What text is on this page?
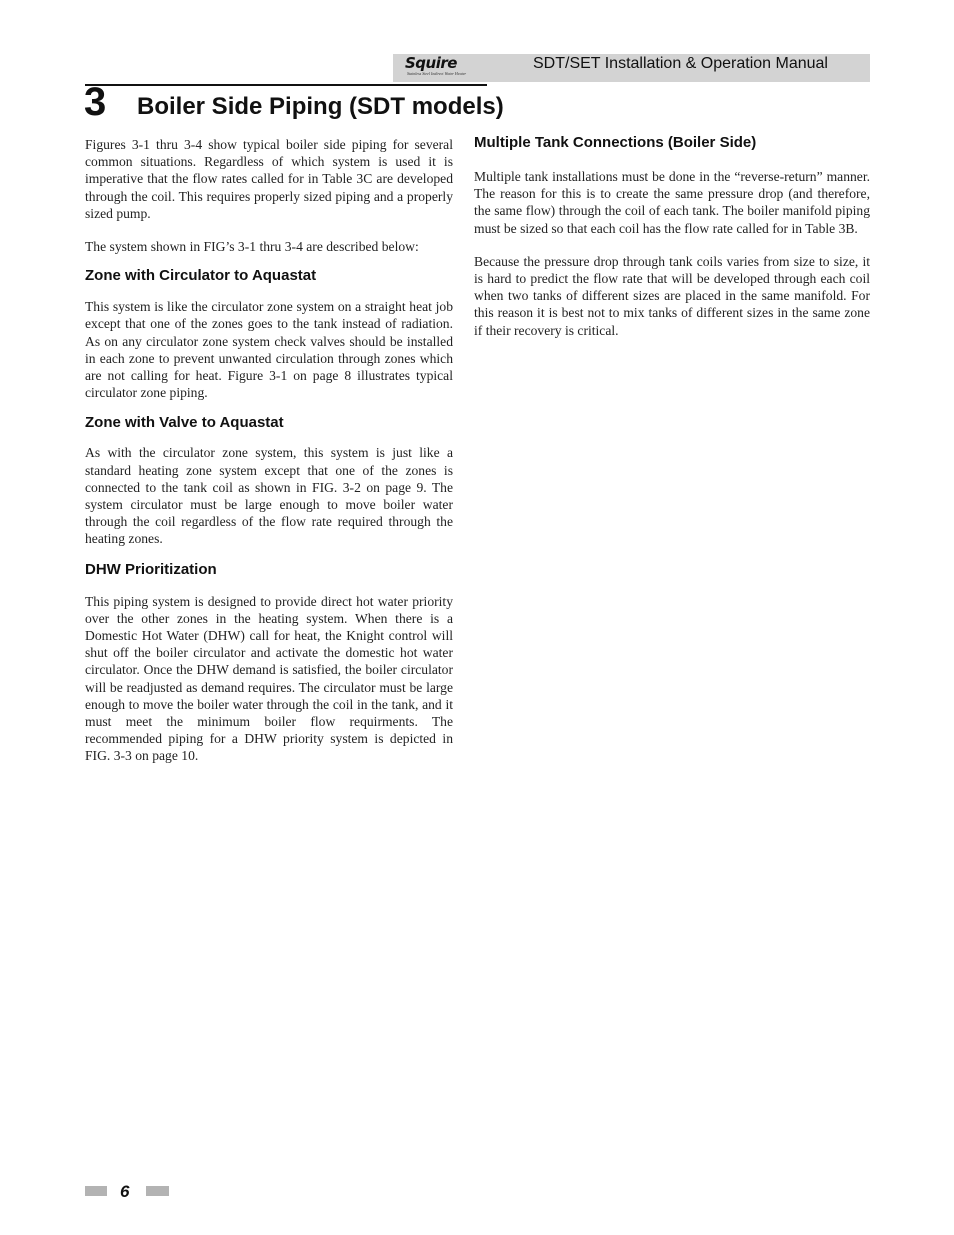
Squire
Stainless Steel Indirect Water Heater
SDT/SET Installation & Operation Manual
3 Boiler Side Piping (SDT models)

Figures 3-1 thru 3-4 show typical boiler side piping for several common situations. Regardless of which system is used it is imperative that the flow rates called for in Table 3C are developed through the coil. This requires properly sized piping and a properly sized pump.

The system shown in FIG’s 3-1 thru 3-4 are described below:

Zone with Circulator to Aquastat

This system is like the circulator zone system on a straight heat job except that one of the zones goes to the tank instead of radiation. As on any circulator zone system check valves should be installed in each zone to prevent unwanted circulation through zones which are not calling for heat. Figure 3-1 on page 8 illustrates typical circulator zone piping.

Zone with Valve to Aquastat

As with the circulator zone system, this system is just like a standard heating zone system except that one of the zones is connected to the tank coil as shown in FIG. 3-2 on page 9. The system circulator must be large enough to move boiler water through the coil regardless of the flow rate required through the heating zones.

DHW Prioritization

This piping system is designed to provide direct hot water priority over the other zones in the heating system. When there is a Domestic Hot Water (DHW) call for heat, the Knight control will shut off the boiler circulator and activate the domestic hot water circulator. Once the DHW demand is satisfied, the boiler circulator will be readjusted as demand requires. The circulator must be large enough to move the boiler water through the coil in the tank, and it must meet the minimum boiler flow requirments. The recommended piping for a DHW priority system is depicted in FIG. 3-3 on page 10.

Multiple Tank Connections (Boiler Side)

Multiple tank installations must be done in the “reverse-return” manner. The reason for this is to create the same pressure drop (and therefore, the same flow) through the coil of each tank. The boiler manifold piping must be sized so that each coil has the flow rate called for in Table 3B.

Because the pressure drop through tank coils varies from size to size, it is hard to predict the flow rate that will be developed through each coil when two tanks of different sizes are placed in the same manifold. For this reason it is best not to mix tanks of different sizes in the same zone if their recovery is critical.

6
